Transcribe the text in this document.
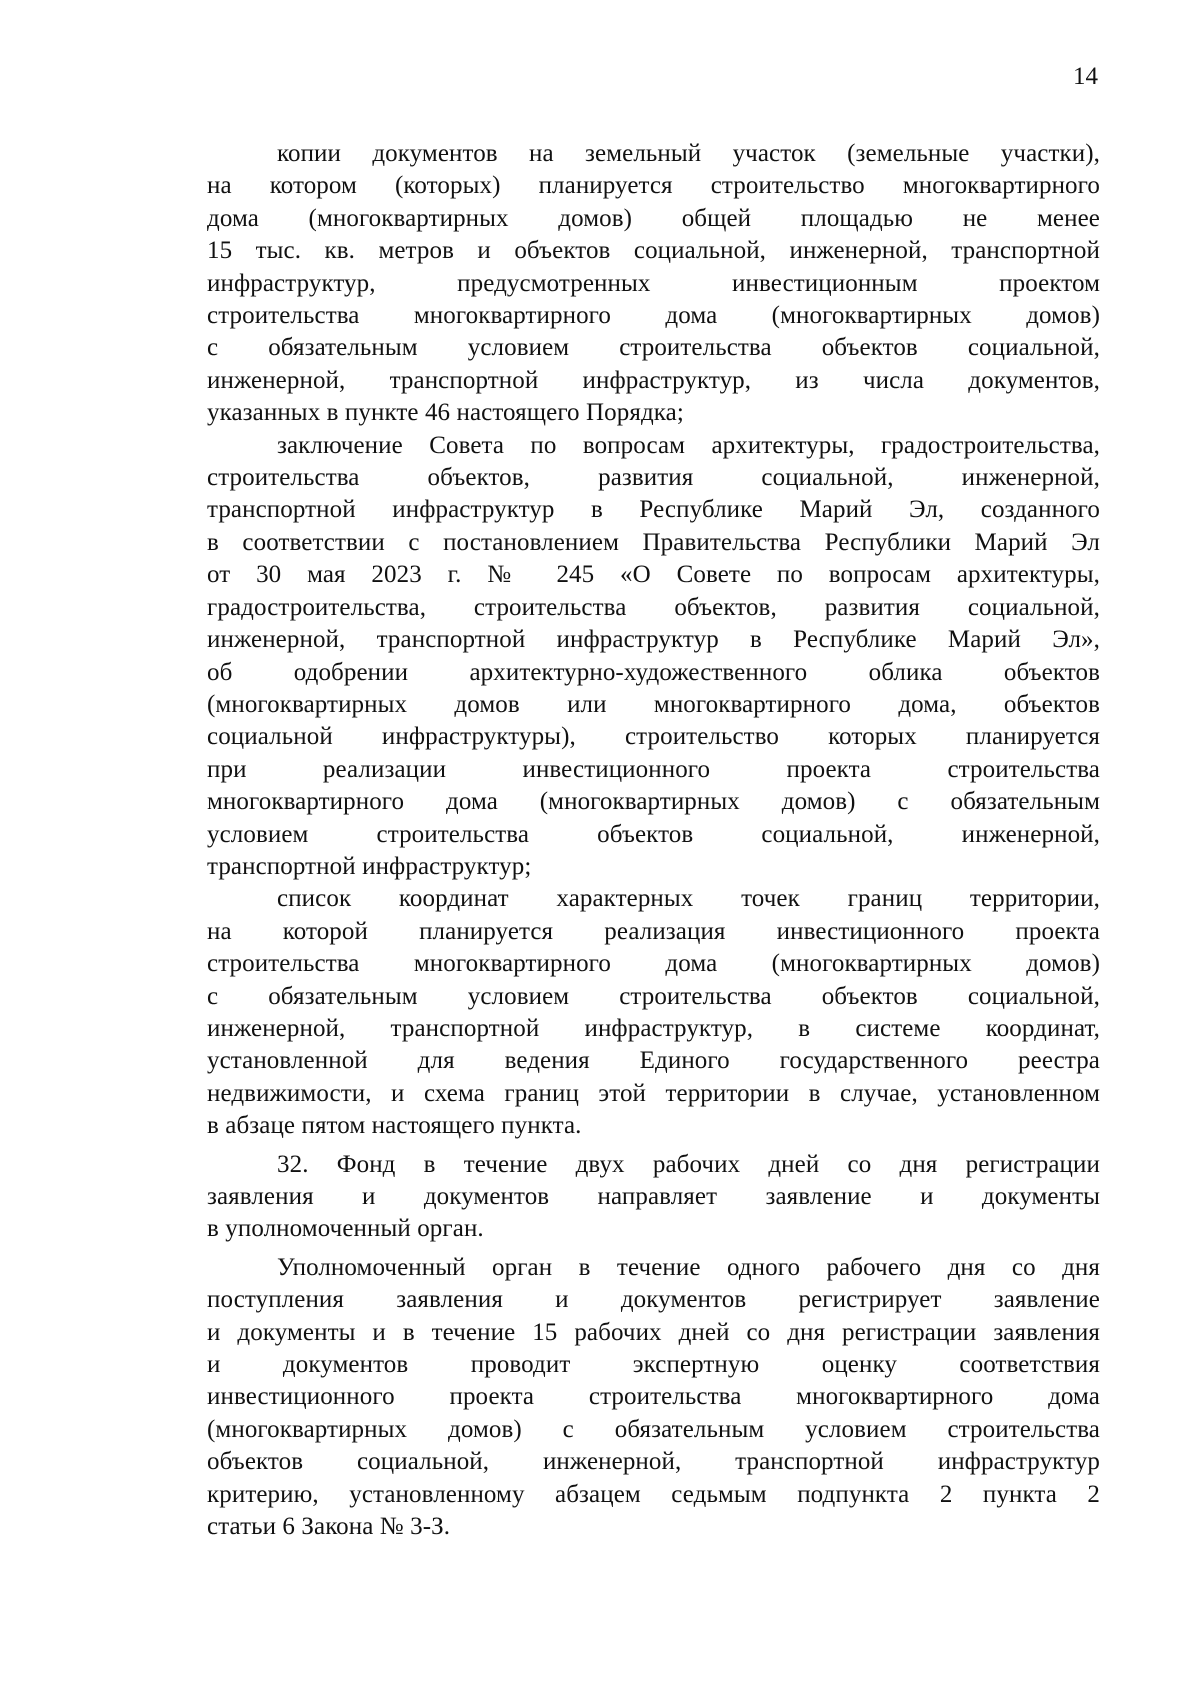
14
копии документов на земельный участок (земельные участки),
на котором (которых) планируется строительство многоквартирного
дома (многоквартирных домов) общей площадью не менее
15 тыс. кв. метров и объектов социальной, инженерной, транспортной
инфраструктур, предусмотренных инвестиционным проектом
строительства многоквартирного дома (многоквартирных домов)
с обязательным условием строительства объектов социальной,
инженерной, транспортной инфраструктур, из числа документов,
указанных в пункте 46 настоящего Порядка;
заключение Совета по вопросам архитектуры, градостроительства,
строительства объектов, развития социальной, инженерной,
транспортной инфраструктур в Республике Марий Эл, созданного
в соответствии с постановлением Правительства Республики Марий Эл
от 30 мая 2023 г. № 245 «О Совете по вопросам архитектуры,
градостроительства, строительства объектов, развития социальной,
инженерной, транспортной инфраструктур в Республике Марий Эл»,
об одобрении архитектурно-художественного облика объектов
(многоквартирных домов или многоквартирного дома, объектов
социальной инфраструктуры), строительство которых планируется
при реализации инвестиционного проекта строительства
многоквартирного дома (многоквартирных домов) с обязательным
условием строительства объектов социальной, инженерной,
транспортной инфраструктур;
список координат характерных точек границ территории,
на которой планируется реализация инвестиционного проекта
строительства многоквартирного дома (многоквартирных домов)
с обязательным условием строительства объектов социальной,
инженерной, транспортной инфраструктур, в системе координат,
установленной для ведения Единого государственного реестра
недвижимости, и схема границ этой территории в случае, установленном
в абзаце пятом настоящего пункта.
32. Фонд в течение двух рабочих дней со дня регистрации
заявления и документов направляет заявление и документы
в уполномоченный орган.
Уполномоченный орган в течение одного рабочего дня со дня
поступления заявления и документов регистрирует заявление
и документы и в течение 15 рабочих дней со дня регистрации заявления
и документов проводит экспертную оценку соответствия
инвестиционного проекта строительства многоквартирного дома
(многоквартирных домов) с обязательным условием строительства
объектов социальной, инженерной, транспортной инфраструктур
критерию, установленному абзацем седьмым подпункта 2 пункта 2
статьи 6 Закона № 3-З.
